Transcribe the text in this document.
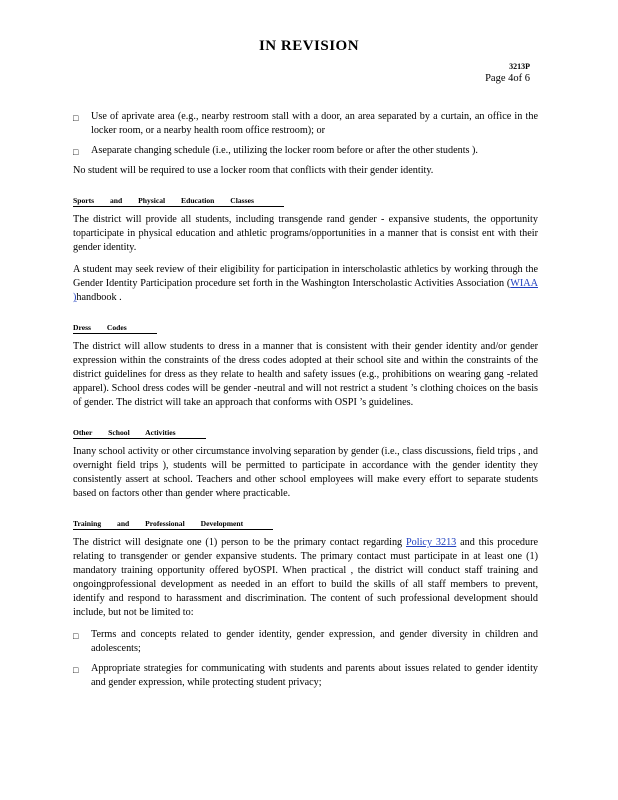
IN REVISION
3213P
Page 4of 6
□ Use of aprivate area (e.g., nearby restroom stall with a door, an area separated by a curtain, an office in the locker room, or a nearby health room office restroom); or
□ Aseparate changing schedule (i.e., utilizing the locker room before or after the other students ).

No student will be required to use a locker room that conflicts with their gender identity.

Sports and Physical Education Classes

The district will provide all students, including transgende rand gender - expansive students, the opportunity toparticipate in physical education and athletic programs/opportunities in a manner that is consist ent with their gender identity.

A student may seek review of their eligibility for participation in interscholastic athletics by working through the Gender Identity Participation procedure set forth in the Washington Interscholastic Activities Association (WIAA )handbook .

Dress Codes

The district will allow students to dress in a manner that is consistent with their gender identity and/or gender expression within the constraints of the dress codes adopted at their school site and within the constraints of the district guidelines for dress as they relate to health and safety issues (e.g., prohibitions on wearing gang -related apparel). School dress codes will be gender -neutral and will not restrict a student ’s clothing choices on the basis of gender. The district will take an approach that conforms with OSPI ’s guidelines.

Other School Activities

Inany school activity or other circumstance involving separation by gender (i.e., class discussions, field trips , and overnight field trips ), students will be permitted to participate in accordance with the gender identity they consistently assert at school. Teachers and other school employees will make every effort to separate students based on factors other than gender where practicable.

Training and Professional Development

The district will designate one (1) person to be the primary contact regarding Policy 3213 and this procedure relating to transgender or gender expansive students. The primary contact must participate in at least one (1) mandatory training opportunity offered byOSPI. When practical , the district will conduct staff training and ongoingprofessional development as needed in an effort to build the skills of all staff members to prevent, identify and respond to harassment and discrimination. The content of such professional development should include, but not be limited to:

□ Terms and concepts related to gender identity, gender expression, and gender diversity in children and adolescents;
□ Appropriate strategies for communicating with students and parents about issues related to gender identity and gender expression, while protecting student privacy;
